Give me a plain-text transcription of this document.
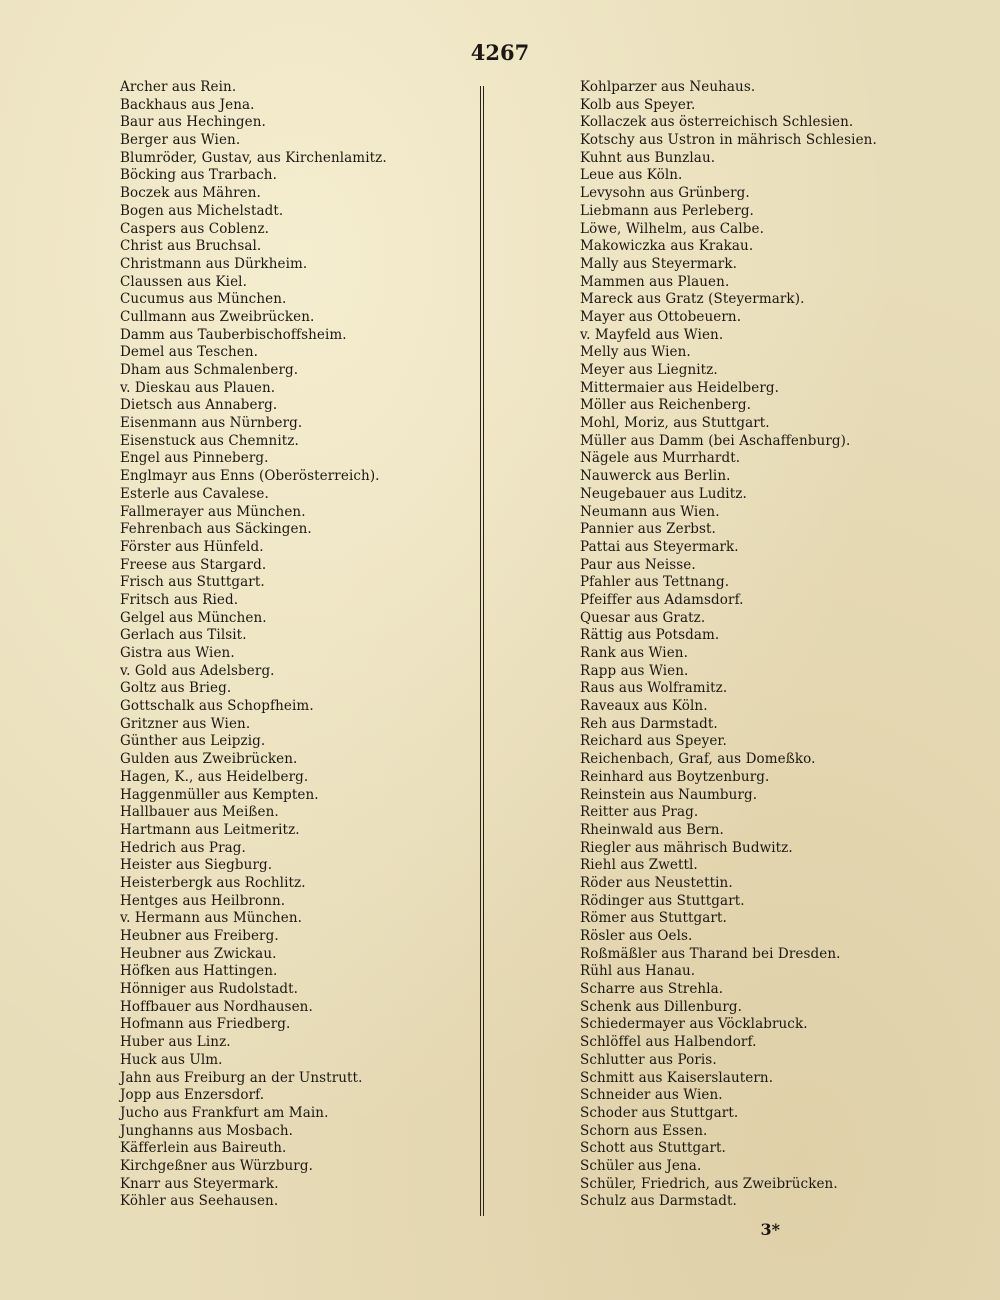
4267
Archer aus Rein.
Backhaus aus Jena.
Baur aus Hechingen.
Berger aus Wien.
Blumröder, Gustav, aus Kirchenlamitz.
Böcking aus Trarbach.
Boczek aus Mähren.
Bogen aus Michelstadt.
Caspers aus Coblenz.
Christ aus Bruchsal.
Christmann aus Dürkheim.
Claussen aus Kiel.
Cucumus aus München.
Cullmann aus Zweibrücken.
Damm aus Tauberbischoffsheim.
Demel aus Teschen.
Dham aus Schmalenberg.
v. Dieskau aus Plauen.
Dietsch aus Annaberg.
Eisenmann aus Nürnberg.
Eisenstuck aus Chemnitz.
Engel aus Pinneberg.
Englmayr aus Enns (Oberösterreich).
Esterle aus Cavalese.
Fallmerayer aus München.
Fehrenbach aus Säckingen.
Förster aus Hünfeld.
Freese aus Stargard.
Frisch aus Stuttgart.
Fritsch aus Ried.
Gelgel aus München.
Gerlach aus Tilsit.
Gistra aus Wien.
v. Gold aus Adelsberg.
Goltz aus Brieg.
Gottschalk aus Schopfheim.
Gritzner aus Wien.
Günther aus Leipzig.
Gulden aus Zweibrücken.
Hagen, K., aus Heidelberg.
Haggenmüller aus Kempten.
Hallbauer aus Meißen.
Hartmann aus Leitmeritz.
Hedrich aus Prag.
Heister aus Siegburg.
Heisterbergk aus Rochlitz.
Hentges aus Heilbronn.
v. Hermann aus München.
Heubner aus Freiberg.
Heubner aus Zwickau.
Höfken aus Hattingen.
Hönniger aus Rudolstadt.
Hoffbauer aus Nordhausen.
Hofmann aus Friedberg.
Huber aus Linz.
Huck aus Ulm.
Jahn aus Freiburg an der Unstrutt.
Jopp aus Enzersdorf.
Jucho aus Frankfurt am Main.
Junghanns aus Mosbach.
Käfferlein aus Baireuth.
Kirchgeßner aus Würzburg.
Knarr aus Steyermark.
Köhler aus Seehausen.
Kohlparzer aus Neuhaus.
Kolb aus Speyer.
Kollaczek aus österreichisch Schlesien.
Kotschy aus Ustron in mährisch Schlesien.
Kuhnt aus Bunzlau.
Leue aus Köln.
Levysohn aus Grünberg.
Liebmann aus Perleberg.
Löwe, Wilhelm, aus Calbe.
Makowiczka aus Krakau.
Mally aus Steyermark.
Mammen aus Plauen.
Mareck aus Gratz (Steyermark).
Mayer aus Ottobeuern.
v. Mayfeld aus Wien.
Melly aus Wien.
Meyer aus Liegnitz.
Mittermaier aus Heidelberg.
Möller aus Reichenberg.
Mohl, Moriz, aus Stuttgart.
Müller aus Damm (bei Aschaffenburg).
Nägele aus Murrhardt.
Nauwerck aus Berlin.
Neugebauer aus Luditz.
Neumann aus Wien.
Pannier aus Zerbst.
Pattai aus Steyermark.
Paur aus Neisse.
Pfahler aus Tettnang.
Pfeiffer aus Adamsdorf.
Quesar aus Gratz.
Rättig aus Potsdam.
Rank aus Wien.
Rapp aus Wien.
Raus aus Wolframitz.
Raveaux aus Köln.
Reh aus Darmstadt.
Reichard aus Speyer.
Reichenbach, Graf, aus Domeßko.
Reinhard aus Boytzenburg.
Reinstein aus Naumburg.
Reitter aus Prag.
Rheinwald aus Bern.
Riegler aus mährisch Budwitz.
Riehl aus Zwettl.
Röder aus Neustettin.
Rödinger aus Stuttgart.
Römer aus Stuttgart.
Rösler aus Oels.
Roßmäßler aus Tharand bei Dresden.
Rühl aus Hanau.
Scharre aus Strehla.
Schenk aus Dillenburg.
Schiedermayer aus Vöcklabruck.
Schlöffel aus Halbendorf.
Schlutter aus Poris.
Schmitt aus Kaiserslautern.
Schneider aus Wien.
Schoder aus Stuttgart.
Schorn aus Essen.
Schott aus Stuttgart.
Schüler aus Jena.
Schüler, Friedrich, aus Zweibrücken.
Schulz aus Darmstadt.
3*
